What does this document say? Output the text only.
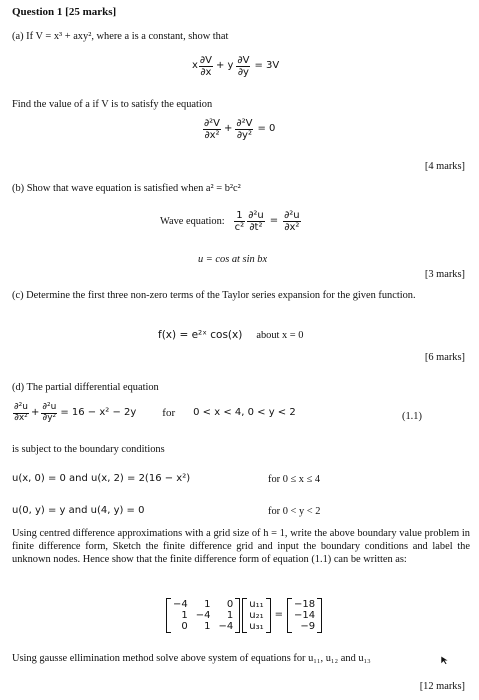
Question 1 [25 marks]
(a) If V = x³ + axy², where a is a constant, show that
x $\frac{\partial V}{\partial x} + y \frac{\partial V}{\partial y} = 3V$
Find the value of a if V is to satisfy the equation
$\frac{\text{∂²V}}{\text{∂x²}} + \frac{\text{∂²V}}{\text{∂y²}} = 0$
[4 marks]
(b) Show that wave equation is satisfied when a² = b²c²
Wave equation: $\frac{1}{\text{c²}} \frac{\text{∂²u}}{\text{∂t²}} = \frac{\text{∂²u}}{\text{∂x²}}$
u = cos at sin bx
[3 marks]
(c) Determine the first three non-zero terms of the Taylor series expansion for the given function.
f(x) = e²ˣ cos(x) about x = 0
[6 marks]
(d) The partial differential equation
$\frac{\text{∂²u}}{\text{∂x²}} + \frac{\text{∂²u}}{\text{∂y²}} = 16 - x^2 - 2y$ for 0 < x < 4, 0 < y < 2	(1.1)
is subject to the boundary conditions
u(x, 0) = 0 and u(x, 2) = 2(16 − x²)	for 0 ≤ x ≤ 4
u(0, y) = y and u(4, y) = 0	for 0 < y < 2
Using centred difference approximations with a grid size of h = 1, write the above boundary value problem in finite difference form, Sketch the finite difference grid and input the boundary conditions and label the unknown nodes. Hence show that the finite difference form of equation (1.1) can be written as:
−4	1	0
1 −4	1
0	1 −4
u₁₁
u₂₁
u₃₁
=
−18
−14
−9
Using gausse ellimination method solve above system of equations for u₁₁, u₁₂ and u₁₃
[12 marks]
